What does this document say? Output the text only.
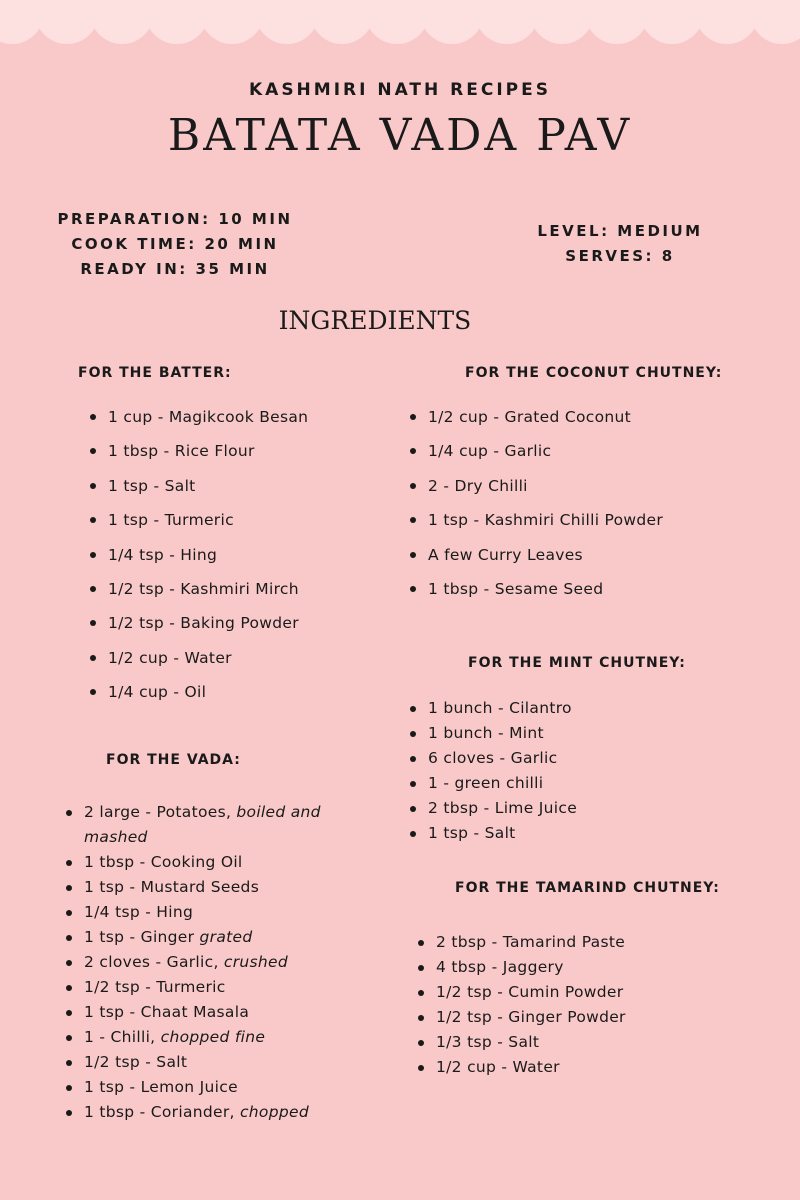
KASHMIRI NATH RECIPES
BATATA VADA PAV
PREPARATION: 10 MIN
COOK TIME: 20 MIN
READY IN: 35 MIN
LEVEL: MEDIUM
SERVES: 8
INGREDIENTS
FOR THE BATTER:
1 cup - Magikcook Besan
1 tbsp - Rice Flour
1 tsp - Salt
1 tsp - Turmeric
1/4 tsp - Hing
1/2 tsp - Kashmiri Mirch
1/2 tsp - Baking Powder
1/2 cup - Water
1/4 cup - Oil
FOR THE VADA:
2 large - Potatoes, boiled and mashed
1 tbsp - Cooking Oil
1 tsp - Mustard Seeds
1/4 tsp - Hing
1 tsp - Ginger grated
2 cloves - Garlic, crushed
1/2 tsp - Turmeric
1 tsp - Chaat Masala
1 - Chilli, chopped fine
1/2 tsp - Salt
1 tsp - Lemon Juice
1 tbsp - Coriander, chopped
FOR THE COCONUT CHUTNEY:
1/2 cup - Grated Coconut
1/4 cup - Garlic
2 - Dry Chilli
1 tsp - Kashmiri Chilli Powder
A few Curry Leaves
1 tbsp - Sesame Seed
FOR THE MINT CHUTNEY:
1 bunch - Cilantro
1 bunch - Mint
6 cloves - Garlic
1 - green chilli
2 tbsp - Lime Juice
1 tsp - Salt
FOR THE TAMARIND CHUTNEY:
2 tbsp - Tamarind Paste
4 tbsp - Jaggery
1/2 tsp - Cumin Powder
1/2 tsp - Ginger Powder
1/3 tsp - Salt
1/2 cup - Water
